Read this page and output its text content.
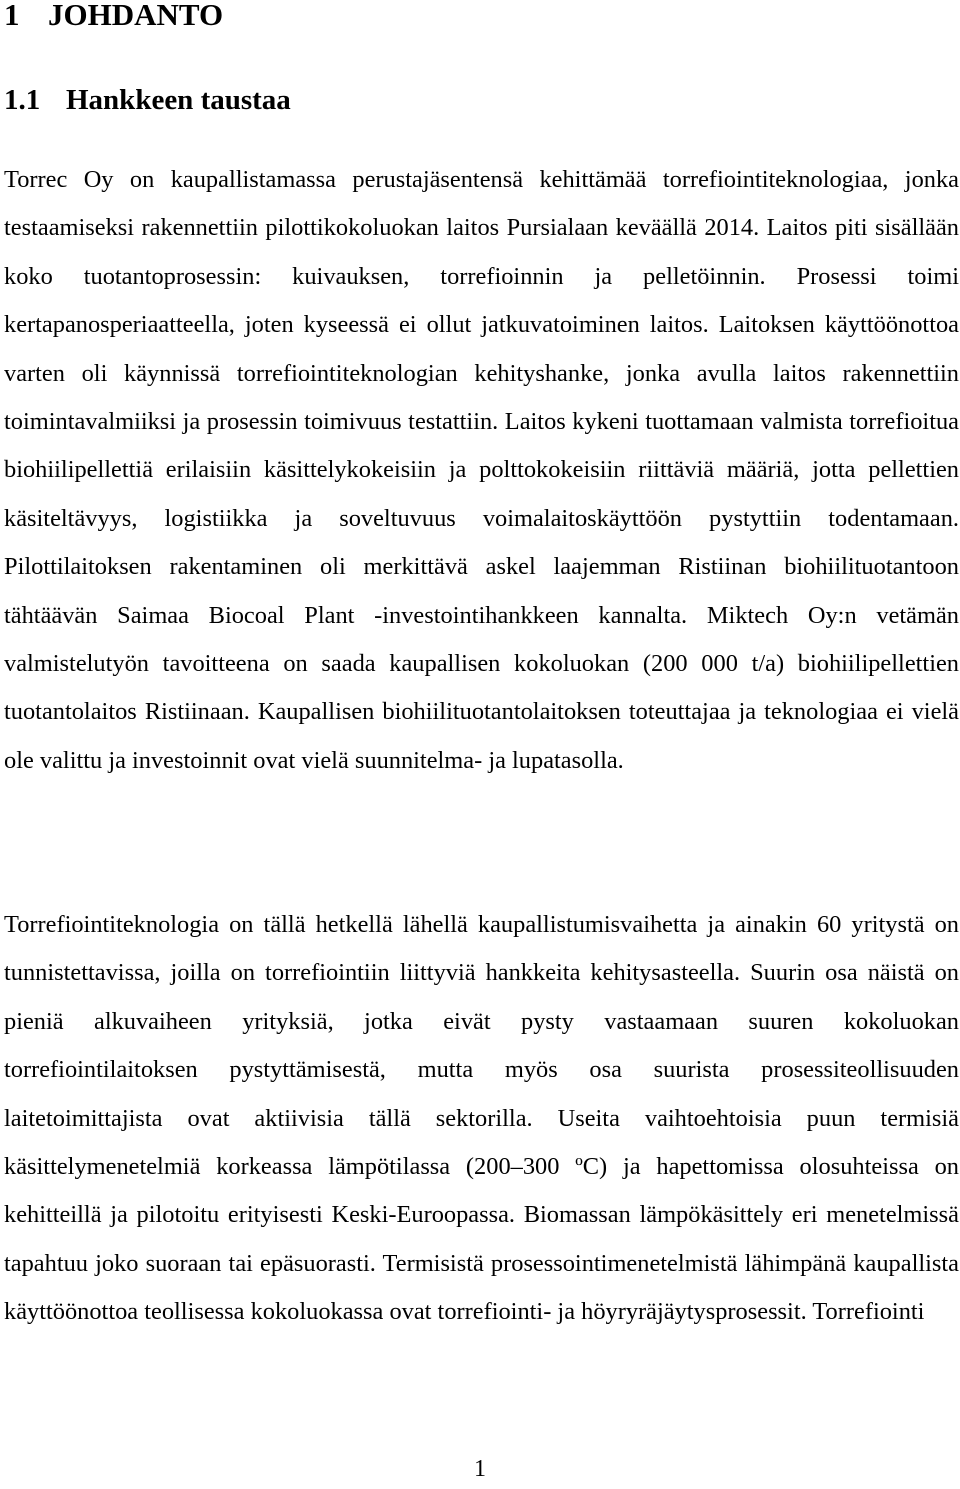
1 JOHDANTO
1.1 Hankkeen taustaa

Torrec Oy on kaupallistamassa perustajäsentensä kehittämää torrefiointiteknologiaa, jonka testaamiseksi rakennettiin pilottikokoluokan laitos Pursialaan keväällä 2014. Laitos piti sisällään koko tuotantoprosessin: kuivauksen, torrefioinnin ja pelletöinnin. Prosessi toimi kertapanosperiaatteella, joten kyseessä ei ollut jatkuvatoiminen laitos. Laitoksen käyttöönottoa varten oli käynnissä torrefiointiteknologian kehityshanke, jonka avulla laitos rakennettiin toimintavalmiiksi ja prosessin toimivuus testattiin. Laitos kykeni tuottamaan valmista torrefioitua biohiilipellettiä erilaisiin käsittelykokeisiin ja polttokokeisiin riittäviä määriä, jotta pellettien käsiteltävyys, logistiikka ja soveltuvuus voimalaitoskäyttöön pystyttiin todentamaan. Pilottilaitoksen rakentaminen oli merkittävä askel laajemman Ristiinan biohiilituotantoon tähtäävän Saimaa Biocoal Plant -investointihankkeen kannalta. Miktech Oy:n vetämän valmistelutyön tavoitteena on saada kaupallisen kokoluokan (200 000 t/a) biohiilipellettien tuotantolaitos Ristiinaan. Kaupallisen biohiilituotantolaitoksen toteuttajaa ja teknologiaa ei vielä ole valittu ja investoinnit ovat vielä suunnitelma- ja lupatasolla.

Torrefiointiteknologia on tällä hetkellä lähellä kaupallistumisvaihetta ja ainakin 60 yritystä on tunnistettavissa, joilla on torrefiointiin liittyviä hankkeita kehitysasteella. Suurin osa näistä on pieniä alkuvaiheen yrityksiä, jotka eivät pysty vastaamaan suuren kokoluokan torrefiointilaitoksen pystyttämisestä, mutta myös osa suurista prosessiteollisuuden laitetoimittajista ovat aktiivisia tällä sektorilla. Useita vaihtoehtoisia puun termisiä käsittelymenetelmiä korkeassa lämpötilassa (200–300 ºC) ja hapettomissa olosuhteissa on kehitteillä ja pilotoitu erityisesti Keski-Euroopassa. Biomassan lämpökäsittely eri menetelmissä tapahtuu joko suoraan tai epäsuorasti. Termisistä prosessointimenetelmistä lähimpänä kaupallista käyttöönottoa teollisessa kokoluokassa ovat torrefiointi- ja höyryräjäytysprosessit. Torrefiointi

1
